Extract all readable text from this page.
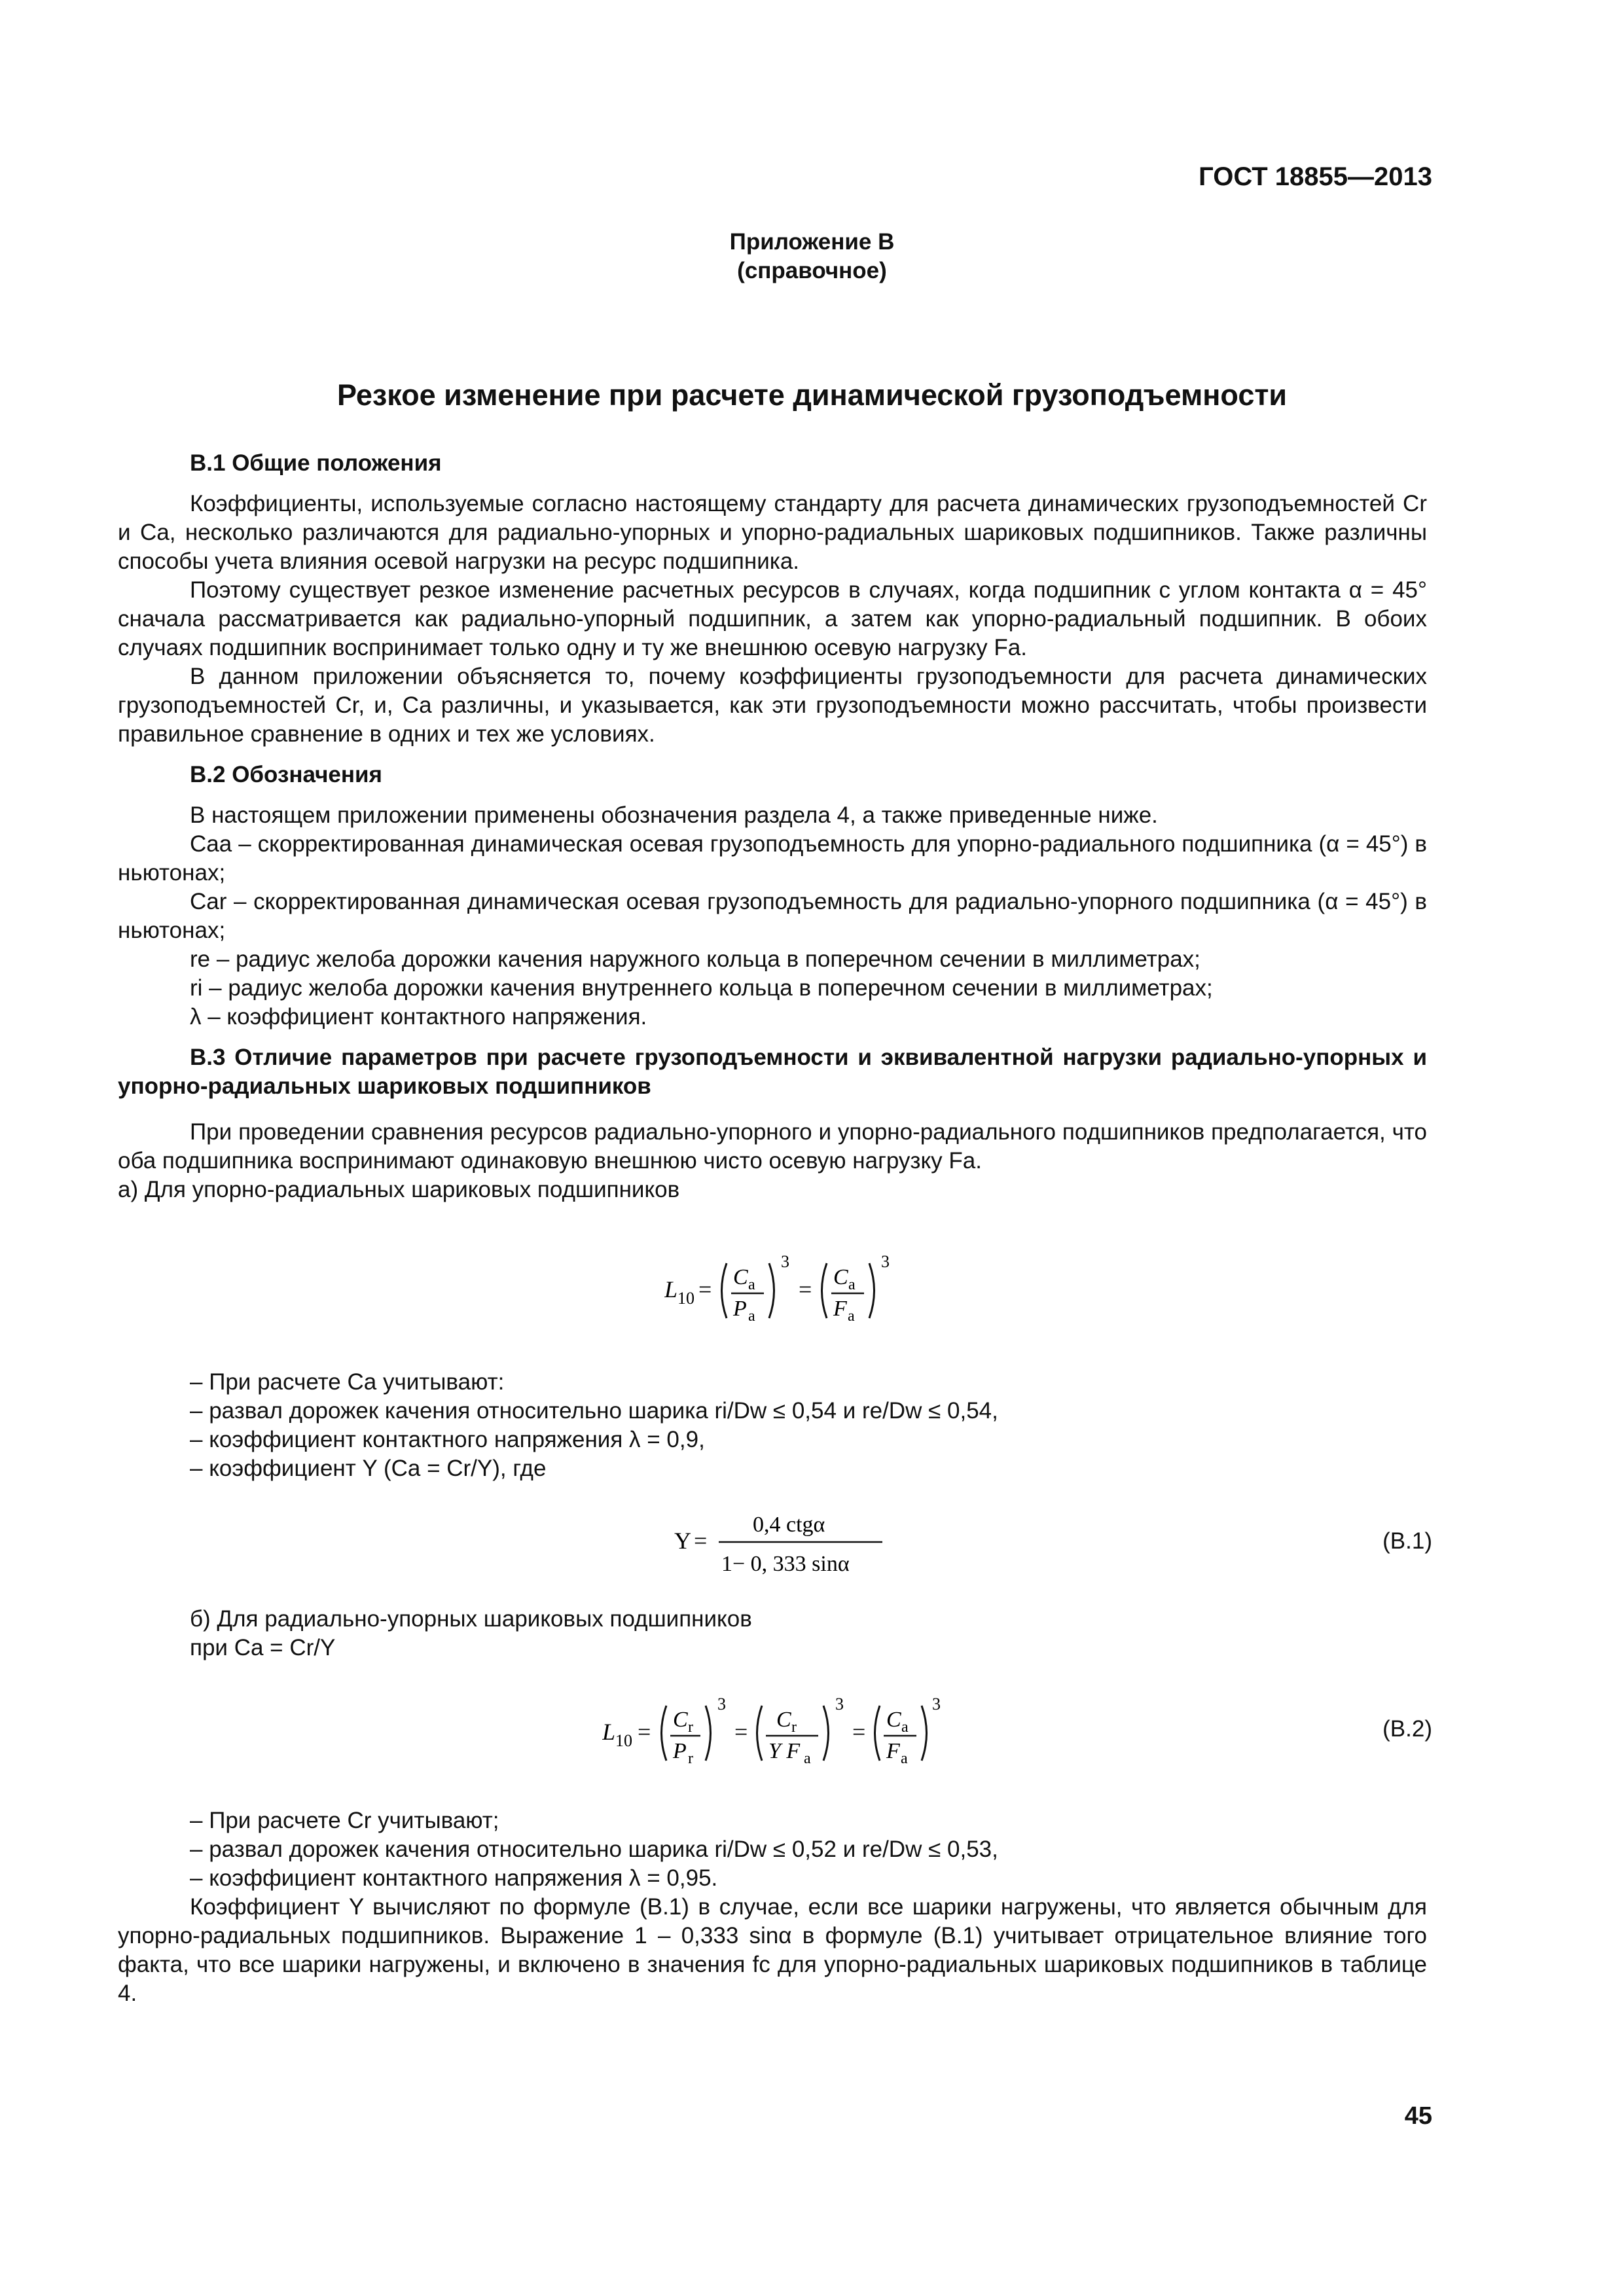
ГОСТ 18855—2013
Приложение В
(справочное)
Резкое изменение при расчете динамической грузоподъемности

В.1 Общие положения

Коэффициенты, используемые согласно настоящему стандарту для расчета динамических грузоподъемностей Cr и Ca, несколько различаются для радиально-упорных и упорно-радиальных шариковых подшипников. Также различны способы учета влияния осевой нагрузки на ресурс подшипника.

Поэтому существует резкое изменение расчетных ресурсов в случаях, когда подшипник с углом контакта α = 45° сначала рассматривается как радиально-упорный подшипник, а затем как упорно-радиальный подшипник. В обоих случаях подшипник воспринимает только одну и ту же внешнюю осевую нагрузку Fa.

В данном приложении объясняется то, почему коэффициенты грузоподъемности для расчета динамических грузоподъемностей Cr, и, Ca различны, и указывается, как эти грузоподъемности можно рассчитать, чтобы произвести правильное сравнение в одних и тех же условиях.

В.2 Обозначения

В настоящем приложении применены обозначения раздела 4, а также приведенные ниже.

Caa – скорректированная динамическая осевая грузоподъемность для упорно-радиального подшипника (α = 45°) в ньютонах;

Car – скорректированная динамическая осевая грузоподъемность для радиально-упорного подшипника (α = 45°) в ньютонах;

re – радиус желоба дорожки качения наружного кольца в поперечном сечении в миллиметрах;

ri – радиус желоба дорожки качения внутреннего кольца в поперечном сечении в миллиметрах;

λ – коэффициент контактного напряжения.

В.3 Отличие параметров при расчете грузоподъемности и эквивалентной нагрузки радиально-упорных и упорно-радиальных шариковых подшипников

При проведении сравнения ресурсов радиально-упорного и упорно-радиального подшипников предполагается, что оба подшипника воспринимают одинаковую внешнюю чисто осевую нагрузку Fa.

а) Для упорно-радиальных шариковых подшипников

L 10 = C a
P a
3
= C a
F a
3

– При расчете Ca учитывают:

– развал дорожек качения относительно шарика ri/Dw ≤ 0,54 и re/Dw ≤ 0,54,

– коэффициент контактного напряжения λ = 0,9,

– коэффициент Y (Ca = Cr/Y), где

Y =
0,4 ctgα
1− 0, 333 sinα
(В.1)

б) Для радиально-упорных шариковых подшипников

при Ca = Cr/Y

L 10 = C r
P r
3
= C r
Y F a
3
= C a
F a
3
(В.2)

– При расчете Cr учитывают;

– развал дорожек качения относительно шарика ri/Dw ≤ 0,52 и re/Dw ≤ 0,53,

– коэффициент контактного напряжения λ = 0,95.

Коэффициент Y вычисляют по формуле (В.1) в случае, если все шарики нагружены, что является обычным для упорно-радиальных подшипников. Выражение 1 – 0,333 sinα в формуле (В.1) учитывает отрицательное влияние того факта, что все шарики нагружены, и включено в значения fc для упорно-радиальных шариковых подшипников в таблице 4.

45
